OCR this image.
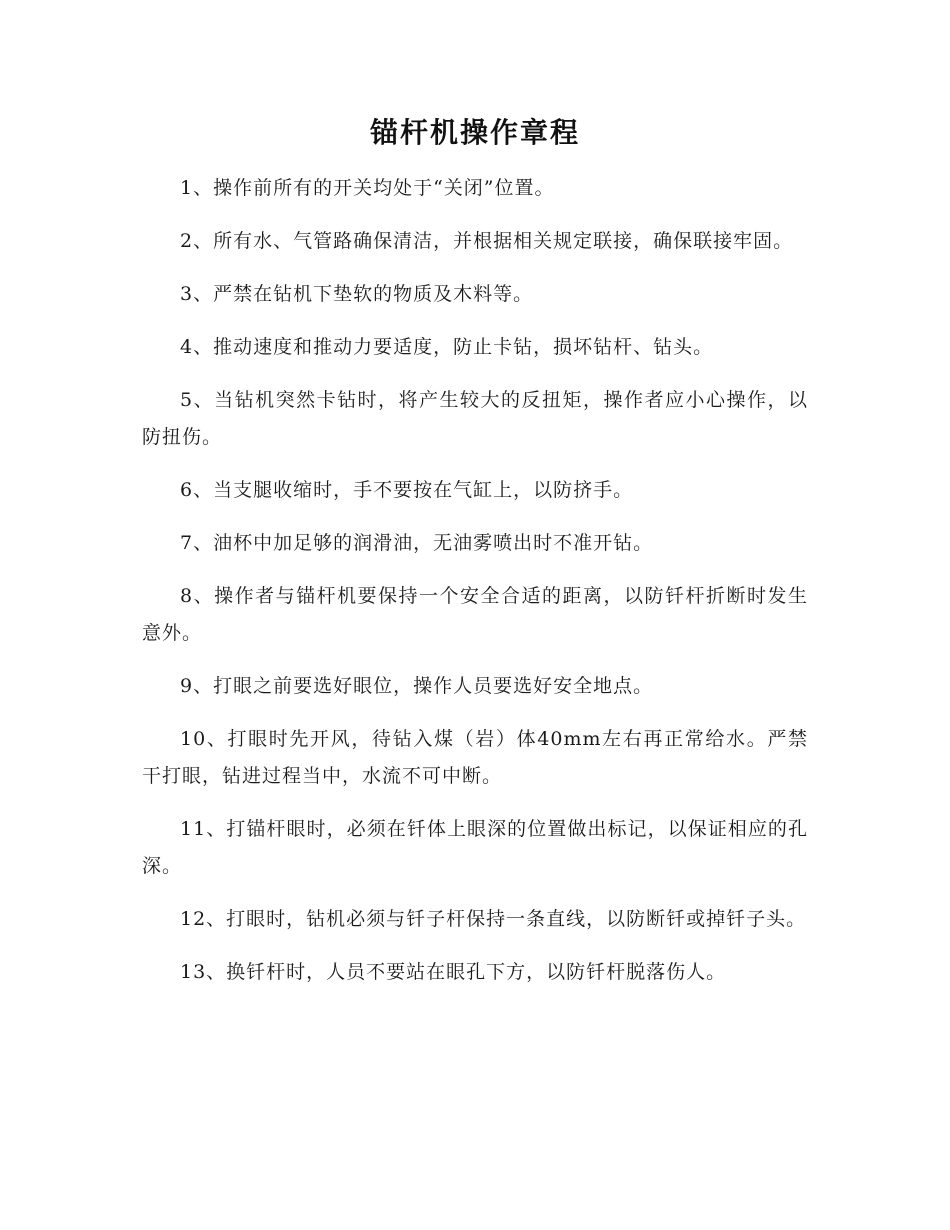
锚杆机操作章程

1、操作前所有的开关均处于“关闭”位置。

2、所有水、气管路确保清洁，并根据相关规定联接，确保联接牢固。

3、严禁在钻机下垫软的物质及木料等。

4、推动速度和推动力要适度，防止卡钻，损坏钻杆、钻头。

5、当钻机突然卡钻时，将产生较大的反扭矩，操作者应小心操作，以防扭伤。

6、当支腿收缩时，手不要按在气缸上，以防挤手。

7、油杯中加足够的润滑油，无油雾喷出时不准开钻。

8、操作者与锚杆机要保持一个安全合适的距离，以防钎杆折断时发生意外。

9、打眼之前要选好眼位，操作人员要选好安全地点。

10、打眼时先开风，待钻入煤（岩）体40mm左右再正常给水。严禁干打眼，钻进过程当中，水流不可中断。

11、打锚杆眼时，必须在钎体上眼深的位置做出标记，以保证相应的孔深。

12、打眼时，钻机必须与钎子杆保持一条直线，以防断钎或掉钎子头。

13、换钎杆时，人员不要站在眼孔下方，以防钎杆脱落伤人。
